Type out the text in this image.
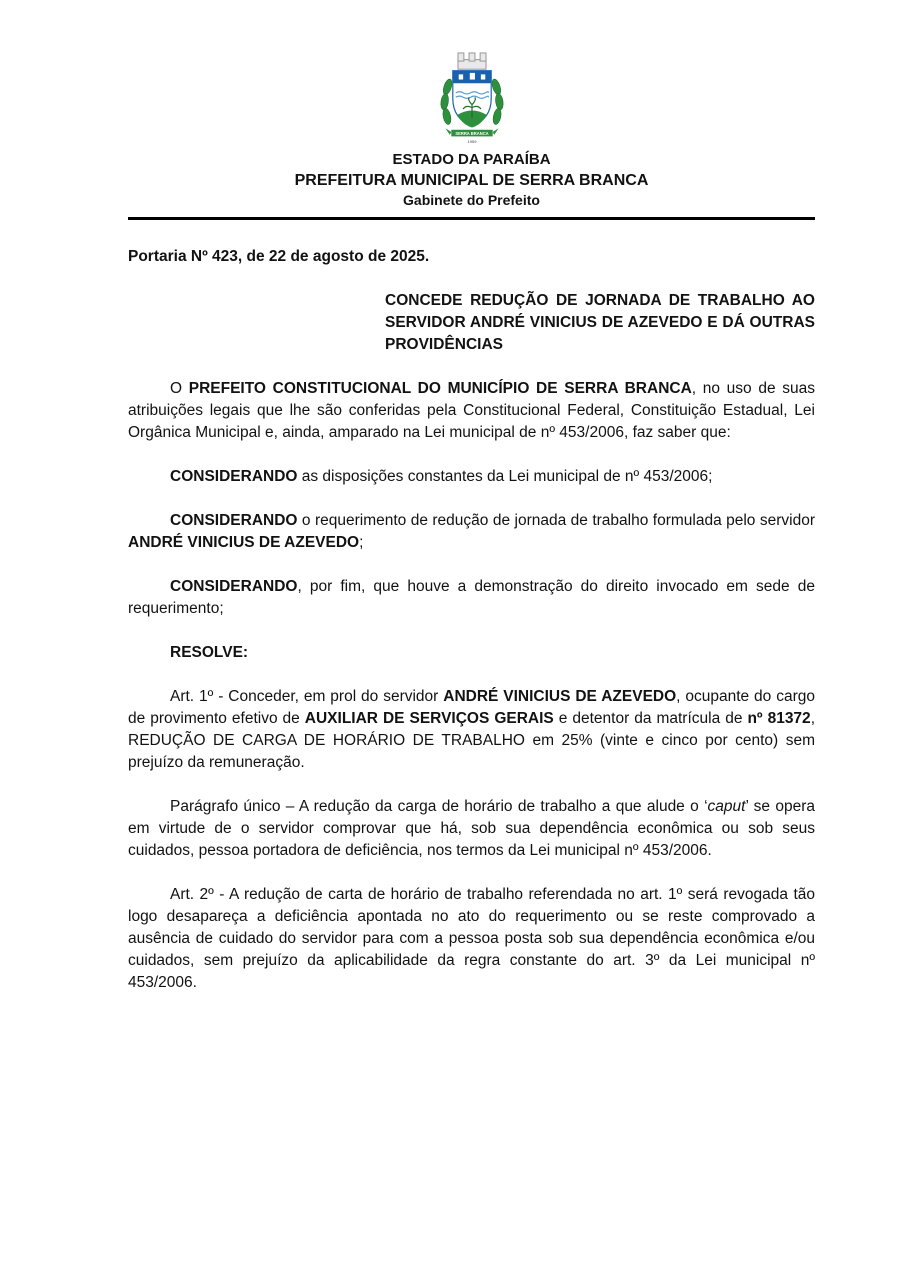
SERRA BRANCA
1959
ESTADO DA PARAÍBA
PREFEITURA MUNICIPAL DE SERRA BRANCA
Gabinete do Prefeito

Portaria Nº 423, de 22 de agosto de 2025.

CONCEDE REDUÇÃO DE JORNADA DE TRABALHO AO SERVIDOR ANDRÉ VINICIUS DE AZEVEDO E DÁ OUTRAS PROVIDÊNCIAS

O PREFEITO CONSTITUCIONAL DO MUNICÍPIO DE SERRA BRANCA, no uso de suas atribuições legais que lhe são conferidas pela Constitucional Federal, Constituição Estadual, Lei Orgânica Municipal e, ainda, amparado na Lei municipal de nº 453/2006, faz saber que:

CONSIDERANDO as disposições constantes da Lei municipal de nº 453/2006;

CONSIDERANDO o requerimento de redução de jornada de trabalho formulada pelo servidor ANDRÉ VINICIUS DE AZEVEDO;

CONSIDERANDO, por fim, que houve a demonstração do direito invocado em sede de requerimento;

RESOLVE:

Art. 1º - Conceder, em prol do servidor ANDRÉ VINICIUS DE AZEVEDO, ocupante do cargo de provimento efetivo de AUXILIAR DE SERVIÇOS GERAIS e detentor da matrícula de nº 81372, REDUÇÃO DE CARGA DE HORÁRIO DE TRABALHO em 25% (vinte e cinco por cento) sem prejuízo da remuneração.

Parágrafo único – A redução da carga de horário de trabalho a que alude o ‘caput’ se opera em virtude de o servidor comprovar que há, sob sua dependência econômica ou sob seus cuidados, pessoa portadora de deficiência, nos termos da Lei municipal nº 453/2006.

Art. 2º - A redução de carta de horário de trabalho referendada no art. 1º será revogada tão logo desapareça a deficiência apontada no ato do requerimento ou se reste comprovado a ausência de cuidado do servidor para com a pessoa posta sob sua dependência econômica e/ou cuidados, sem prejuízo da aplicabilidade da regra constante do art. 3º da Lei municipal nº 453/2006.
